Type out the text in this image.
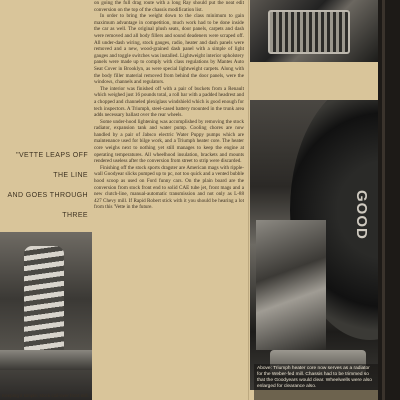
"VETTE LEAPS OFF THE LINE
AND GOES THROUGH THREE

on going the full drag route with a long Ray should put the neat edit conversion on the top of the chassis modification list.

In order to bring the weight down to the class minimum to gain maximum advantage in competition, much work had to be done inside the car as well. The original plush seats, door panels, carpets and dash were removed and all body fillers and sound deadeners were scraped off. All under-dash wiring, stock gauges, radio, heater and dash panels were removed and a new, wood-grained dash panel with a simple of light gauges and toggle switches was installed. Lightweight interior upholstery panels were made up to comply with class regulations by Mantes Auto Seat Cover in Brooklyn, as were special lightweight carpets. Along with the body filler material removed from behind the door panels, were the windows, channels and regulators.

The interior was finished off with a pair of buckets from a Renault which weighed just 16 pounds total, a roll bar with a padded headrest and a chopped and channeled plexiglass windshield which is good enough for tech inspectors. A Triumph, steel-cased battery mounted in the trunk area adds necessary ballast over the rear wheels.

Some under-hood lightening was accomplished by removing the stock radiator, expansion tank and water pump. Cooling chores are now handled by a pair of Jabsco electric Water Puppy pumps which are maintenance used for bilge work, and a Triumph heater core. The heater core weighs next to nothing yet still manages to keep the engine at operating temperatures. All wheelhood insulation, brackets and mounts rendered useless after the conversion from street to strip were discarded.

Finishing off the stock sports dragster are American mags with ripple-wall Goodyear slicks pumped up to pc, not too quick and a vented bubble hood scoop as used on Ford funny cars. On the plain board are the conversion from stock front end to solid CAE tube jet, front mags and a new clutch-line, manual-automatic transmission and not only as L-88 427 Chevy mill. If Rapid Robert stick with it you should be hearing a lot from this 'Vette in the future.	GOOD
Above: Triumph heater core now serves as a radiator for the Weber-fed mill. Chassis had to be trimmed so that the Goodyears would clear. Wheelwells were also enlarged for clearance also.
Keeping it simple: stock coil-over front mill.
